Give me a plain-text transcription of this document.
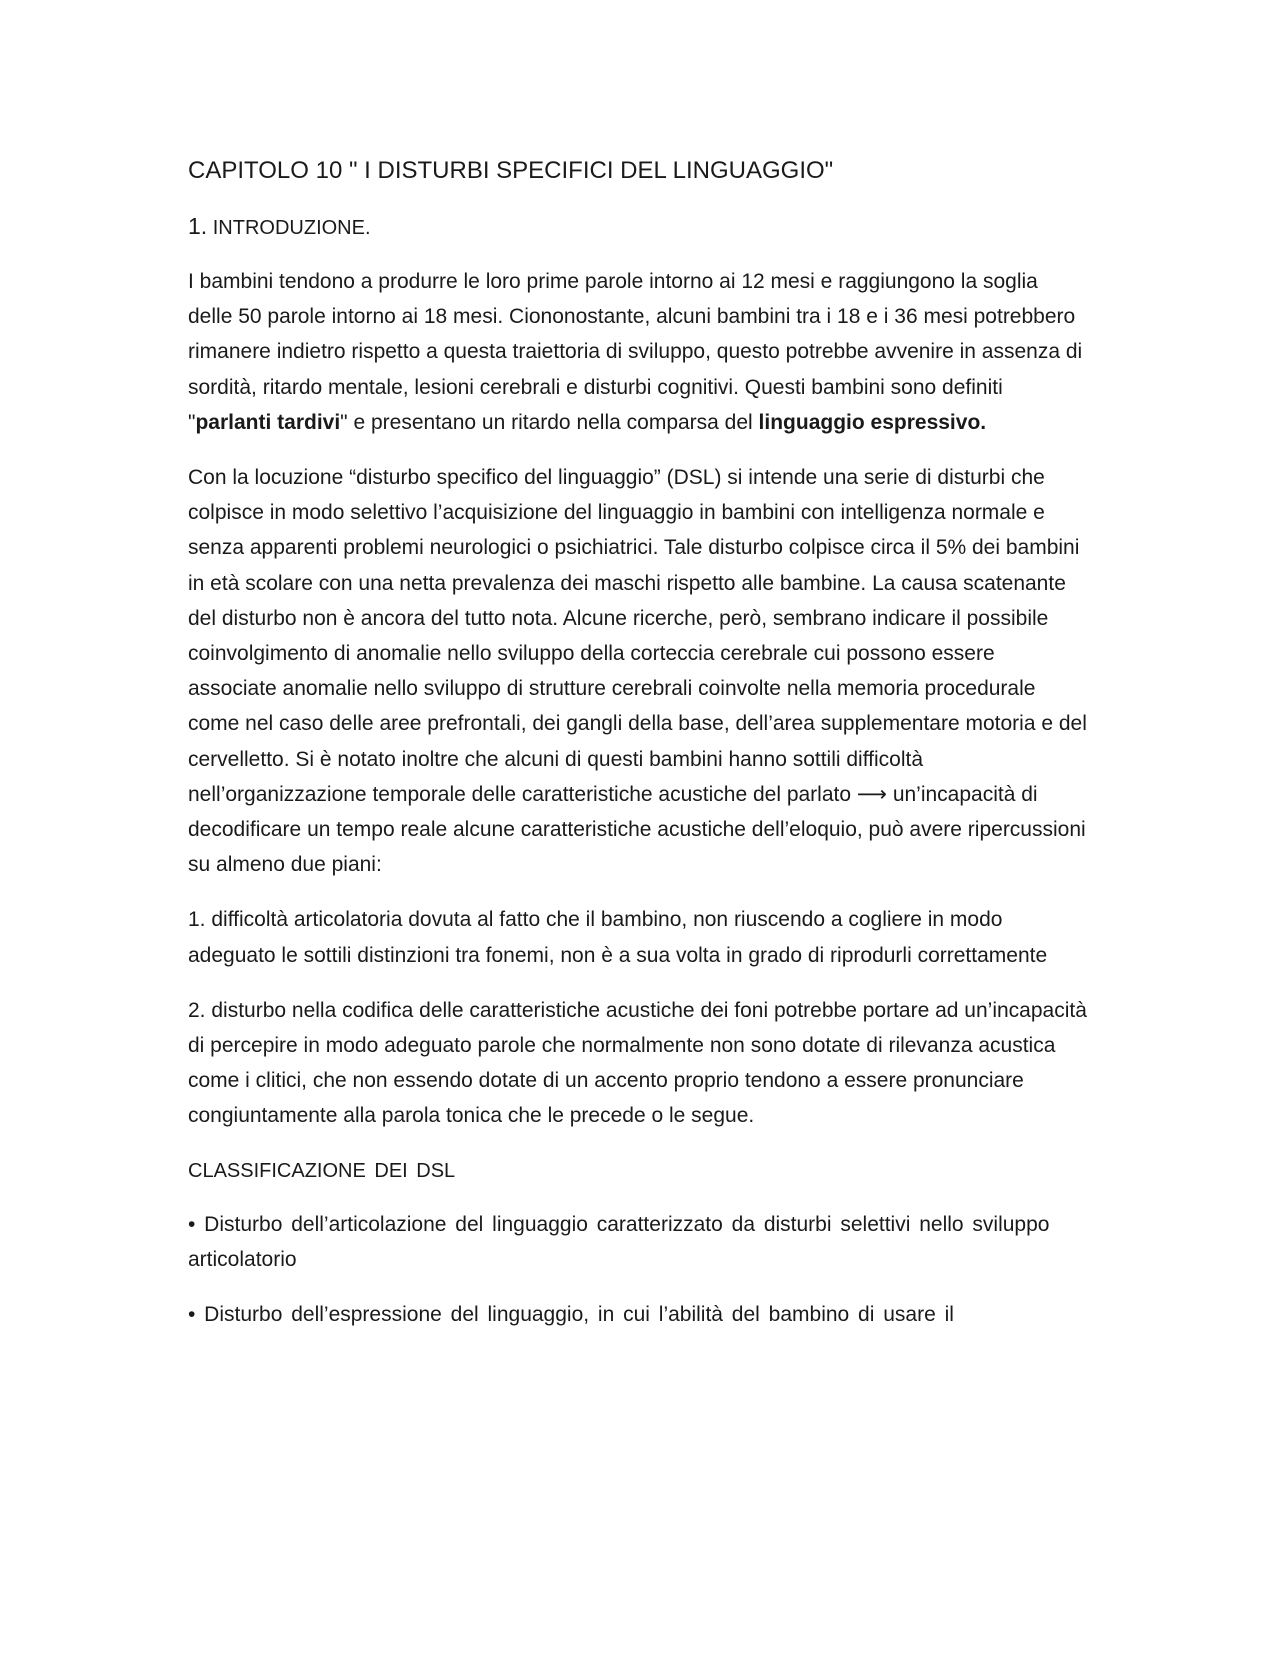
CAPITOLO 10 " I DISTURBI SPECIFICI DEL LINGUAGGIO"
1. INTRODUZIONE.

I bambini tendono a produrre le loro prime parole intorno ai 12 mesi e raggiungono la soglia delle 50 parole intorno ai 18 mesi. Ciononostante, alcuni bambini tra i 18 e i 36 mesi potrebbero rimanere indietro rispetto a questa traiettoria di sviluppo, questo potrebbe avvenire in assenza di sordità, ritardo mentale, lesioni cerebrali e disturbi cognitivi. Questi bambini sono definiti "parlanti tardivi" e presentano un ritardo nella comparsa del linguaggio espressivo.

Con la locuzione “disturbo specifico del linguaggio” (DSL) si intende una serie di disturbi che colpisce in modo selettivo l’acquisizione del linguaggio in bambini con intelligenza normale e senza apparenti problemi neurologici o psichiatrici. Tale disturbo colpisce circa il 5% dei bambini in età scolare con una netta prevalenza dei maschi rispetto alle bambine. La causa scatenante del disturbo non è ancora del tutto nota. Alcune ricerche, però, sembrano indicare il possibile coinvolgimento di anomalie nello sviluppo della corteccia cerebrale cui possono essere associate anomalie nello sviluppo di strutture cerebrali coinvolte nella memoria procedurale come nel caso delle aree prefrontali, dei gangli della base, dell’area supplementare motoria e del cervelletto. Si è notato inoltre che alcuni di questi bambini hanno sottili difficoltà nell’organizzazione temporale delle caratteristiche acustiche del parlato ⟶ un’incapacità di decodificare un tempo reale alcune caratteristiche acustiche dell’eloquio, può avere ripercussioni su almeno due piani:

1. difficoltà articolatoria dovuta al fatto che il bambino, non riuscendo a cogliere in modo adeguato le sottili distinzioni tra fonemi, non è a sua volta in grado di riprodurli correttamente

2. disturbo nella codifica delle caratteristiche acustiche dei foni potrebbe portare ad un’incapacità di percepire in modo adeguato parole che normalmente non sono dotate di rilevanza acustica come i clitici, che non essendo dotate di un accento proprio tendono a essere pronunciare congiuntamente alla parola tonica che le precede o le segue.

CLASSIFICAZIONE DEI DSL

• Disturbo dell’articolazione del linguaggio caratterizzato da disturbi selettivi nello sviluppo articolatorio

• Disturbo dell’espressione del linguaggio, in cui l’abilità del bambino di usare il
